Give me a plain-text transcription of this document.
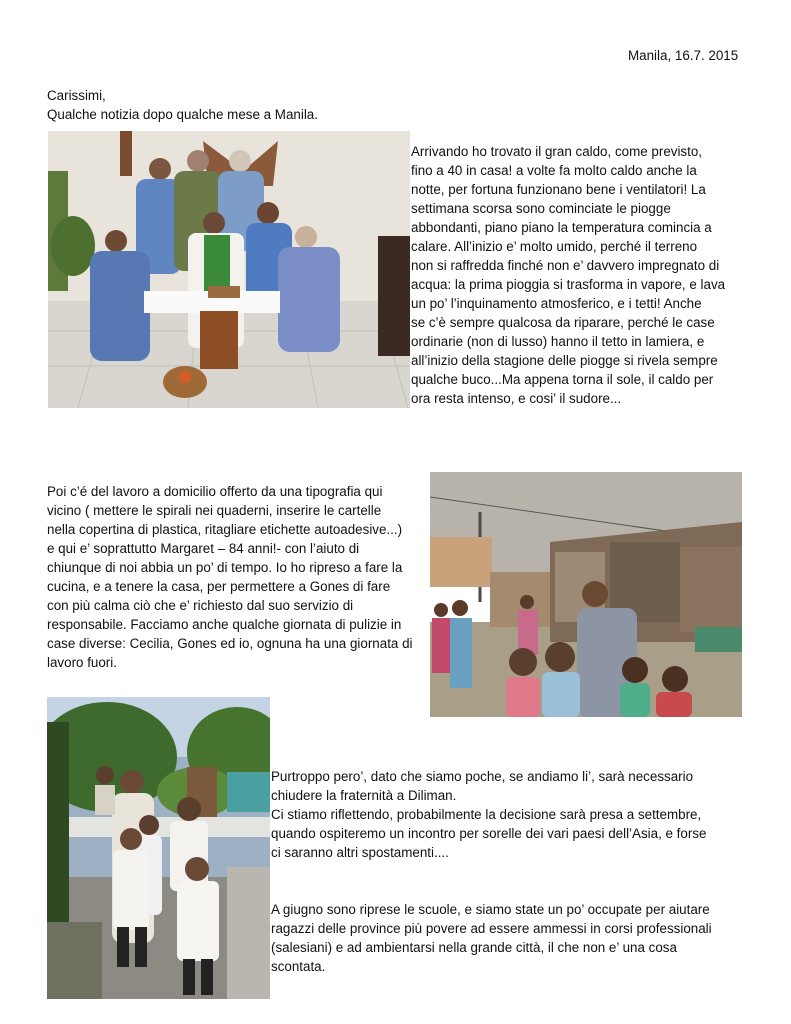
Manila, 16.7. 2015
Carissimi,
Qualche notizia dopo qualche mese a Manila.
Arrivando ho trovato il gran caldo, come previsto,
fino a 40 in casa! a volte fa molto caldo anche la
notte, per fortuna funzionano bene i ventilatori! La
settimana scorsa sono cominciate le piogge
abbondanti, piano piano la temperatura comincia a
calare. All’inizio e’ molto umido, perché il terreno
non si raffredda finché non e’ davvero impregnato di
acqua: la prima pioggia si trasforma in vapore, e lava
un po’ l’inquinamento atmosferico, e i tetti! Anche
se c’è sempre qualcosa da riparare, perché le case
ordinarie (non di lusso) hanno il tetto in lamiera, e
all’inizio della stagione delle piogge si rivela sempre
qualche buco...Ma appena torna il sole, il caldo per
ora resta intenso, e cosi’ il sudore...
Poi c’é del lavoro a domicilio offerto da una tipografia qui
vicino ( mettere le spirali nei quaderni, inserire le cartelle
nella copertina di plastica, ritagliare etichette autoadesive...)
e qui e’ soprattutto Margaret – 84 anni!- con l’aiuto di
chiunque di noi abbia un po’ di tempo. Io ho ripreso a fare la
cucina, e a tenere la casa, per permettere a Gones di fare
con più calma ciò che e’ richiesto dal suo servizio di
responsabile. Facciamo anche qualche giornata di pulizie in
case diverse: Cecilia, Gones ed io, ognuna ha una giornata di
lavoro fuori.
Purtroppo pero’, dato che siamo poche, se andiamo li’, sarà necessario
chiudere la fraternità a Diliman.
Ci stiamo riflettendo, probabilmente la decisione sarà presa a settembre,
quando ospiteremo un incontro per sorelle dei vari paesi dell’Asia, e forse
ci saranno altri spostamenti....
A giugno sono riprese le scuole, e siamo state un po’ occupate per aiutare
ragazzi delle province più povere ad essere ammessi in corsi professionali
(salesiani) e ad ambientarsi nella grande città, il che non e’ una cosa
scontata.
